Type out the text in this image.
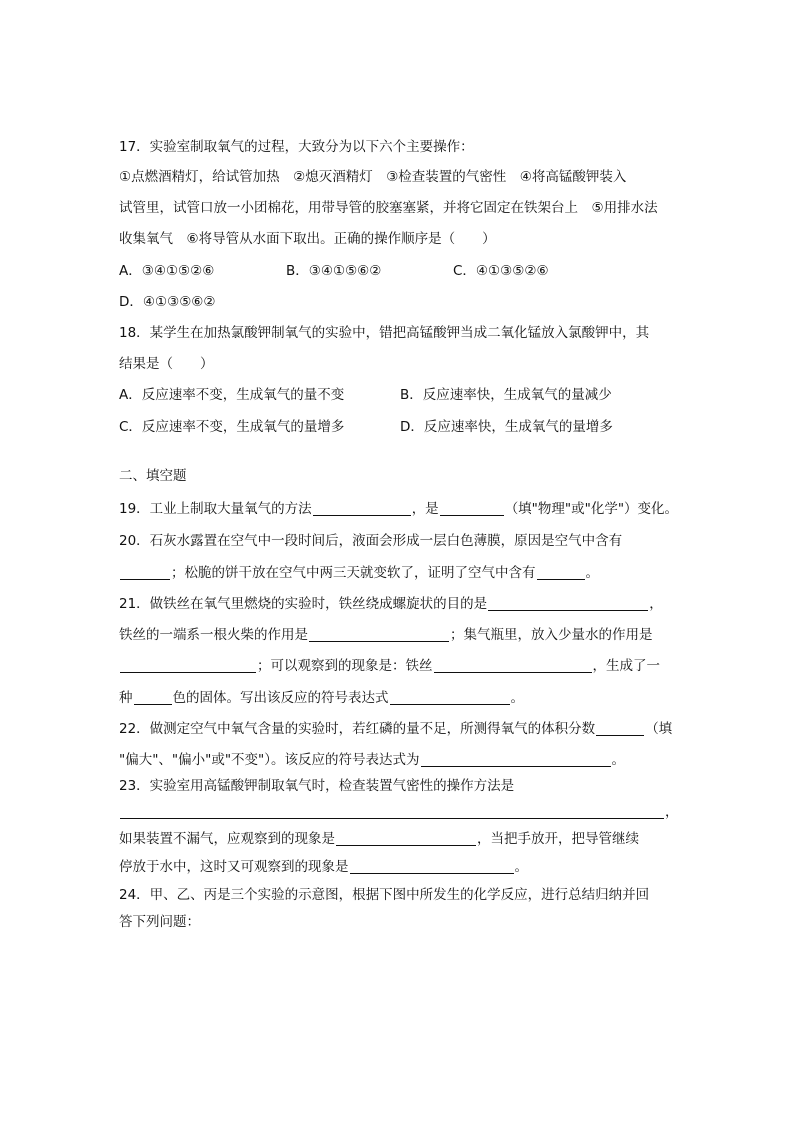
17．实验室制取氧气的过程，大致分为以下六个主要操作：
①点燃酒精灯，给试管加热　②熄灭酒精灯　③检查装置的气密性　④将高锰酸钾装入
试管里，试管口放一小团棉花，用带导管的胶塞塞紧，并将它固定在铁架台上　⑤用排水法
收集氧气　⑥将导管从水面下取出。正确的操作顺序是（　　）
A．③④①⑤②⑥	B．③④①⑤⑥②	C．④①③⑤②⑥
D．④①③⑤⑥②
18．某学生在加热氯酸钾制氧气的实验中，错把高锰酸钾当成二氧化锰放入氯酸钾中，其
结果是（　　）
A．反应速率不变，生成氧气的量不变	B．反应速率快，生成氧气的量减少
C．反应速率不变，生成氧气的量增多	D．反应速率快，生成氧气的量增多
二、填空题
19．工业上制取大量氧气的方法	，是	（填"物理"或"化学"）变化。
20．石灰水露置在空气中一段时间后，液面会形成一层白色薄膜，原因是空气中含有
；松脆的饼干放在空气中两三天就变软了，证明了空气中含有	。
21．做铁丝在氧气里燃烧的实验时，铁丝绕成螺旋状的目的是	，
铁丝的一端系一根火柴的作用是	；集气瓶里，放入少量水的作用是
；可以观察到的现象是：铁丝	，生成了一
种	色的固体。写出该反应的符号表达式	。
22．做测定空气中氧气含量的实验时，若红磷的量不足，所测得氧气的体积分数	（填
"偏大"、"偏小"或"不变"）。该反应的符号表达式为	。
23．实验室用高锰酸钾制取氧气时，检查装置气密性的操作方法是
，
如果装置不漏气，应观察到的现象是	，当把手放开，把导管继续
停放于水中，这时又可观察到的现象是	。
24．甲、乙、丙是三个实验的示意图，根据下图中所发生的化学反应，进行总结归纳并回
答下列问题：
